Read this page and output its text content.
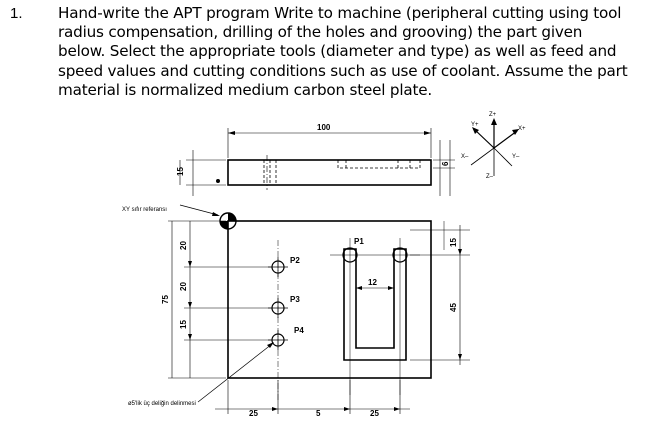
1. Hand-write the APT program Write to machine (peripheral cutting using tool
radius compensation, drilling of the holes and grooving) the part given
below. Select the appropriate tools (diameter and type) as well as feed and
speed values and cutting conditions such as use of coolant. Assume the part
material is normalized medium carbon steel plate.
100
15
6
Y+
Z+
X+
X–	Y–
Z–
XY sıfır referansı
ø5'lik üç deliğin delinmesi
P1
P2
P3
P4
20
20
15
75
15
45
12
25	5	25
